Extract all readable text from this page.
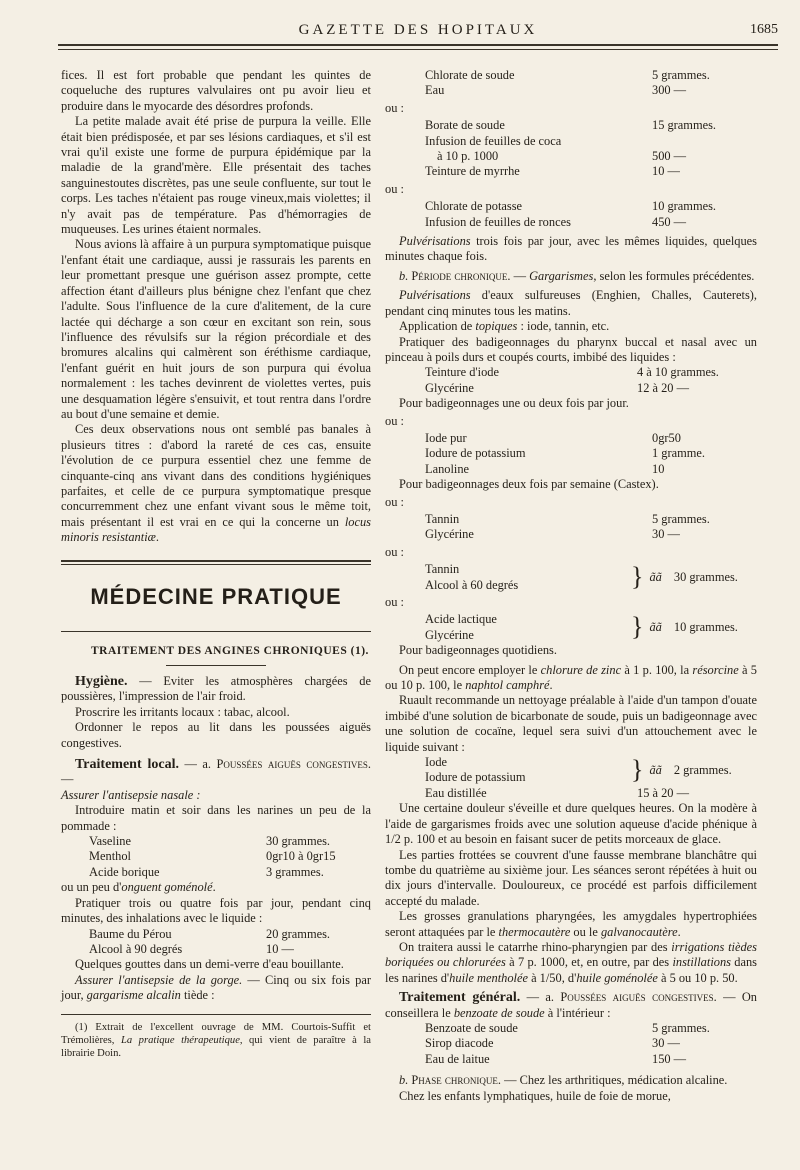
GAZETTE DES HOPITAUX	1685

fices. Il est fort probable que pendant les quintes de coqueluche des ruptures valvulaires ont pu avoir lieu et produire dans le myocarde des désordres profonds.

La petite malade avait été prise de purpura la veille. Elle était bien prédisposée, et par ses lésions cardiaques, et s'il est vrai qu'il existe une forme de purpura épidémique par la maladie de la grand'mère. Elle présentait des taches sanguinestoutes discrètes, pas une seule confluente, sur tout le corps. Les taches n'étaient pas rouge vineux,mais violettes; il n'y avait pas de température. Pas d'hémorragies de muqueuses. Les urines étaient normales.

Nous avions là affaire à un purpura symptomatique puisque l'enfant était une cardiaque, aussi je rassurais les parents en leur promettant presque une guérison assez prompte, cette affection étant d'ailleurs plus bénigne chez l'enfant que chez l'adulte. Sous l'influence de la cure d'alitement, de la cure lactée qui décharge a son cœur en excitant son rein, sous l'influence des révulsifs sur la région précordiale et des bromures alcalins qui calmèrent son éréthisme cardiaque, l'enfant guérit en huit jours de son purpura qui évolua normalement : les taches devinrent de violettes vertes, puis une desquamation légère s'ensuivit, et tout rentra dans l'ordre au bout d'une semaine et demie.

Ces deux observations nous ont semblé pas banales à plusieurs titres : d'abord la rareté de ces cas, ensuite l'évolution de ce purpura essentiel chez une femme de cinquante-cinq ans vivant dans des conditions hygiéniques parfaites, et celle de ce purpura symptomatique presque concurremment chez une enfant vivant sous le même toit, mais présentant il est vrai en ce qui la concerne un locus minoris resistantiæ.

MÉDECINE PRATIQUE
TRAITEMENT DES ANGINES CHRONIQUES (1).

Hygiène. — Eviter les atmosphères chargées de poussières, l'impression de l'air froid.

Proscrire les irritants locaux : tabac, alcool.

Ordonner le repos au lit dans les poussées aiguës congestives.

Traitement local. — a. Poussées aiguës congestives. —

Assurer l'antisepsie nasale :

Introduire matin et soir dans les narines un peu de la pommade :

Vaseline	30 grammes.
Menthol	0gr10 à 0gr15
Acide borique	3 grammes.

ou un peu d'onguent goménolé.

Pratiquer trois ou quatre fois par jour, pendant cinq minutes, des inhalations avec le liquide :

Baume du Pérou	20 grammes.
Alcool à 90 degrés	10 —

Quelques gouttes dans un demi-verre d'eau bouillante.

Assurer l'antisepsie de la gorge. — Cinq ou six fois par jour, gargarisme alcalin tiède :

(1) Extrait de l'excellent ouvrage de MM. Courtois-Suffit et Trémolières, La pratique thérapeutique, qui vient de paraître à la librairie Doin.

Chlorate de soude	5 grammes.
Eau	300 —
ou :
Borate de soude	15 grammes.
Infusion de feuilles de coca
à 10 p. 1000	500 —
Teinture de myrrhe	10 —
ou :
Chlorate de potasse	10 grammes.
Infusion de feuilles de ronces	450 —

Pulvérisations trois fois par jour, avec les mêmes liquides, quelques minutes chaque fois.

b. Période chronique. — Gargarismes, selon les formules précédentes.

Pulvérisations d'eaux sulfureuses (Enghien, Challes, Cauterets), pendant cinq minutes tous les matins.

Application de topiques : iode, tannin, etc.

Pratiquer des badigeonnages du pharynx buccal et nasal avec un pinceau à poils durs et coupés courts, imbibé des liquides :

Teinture d'iode	4 à 10 grammes.
Glycérine	12 à 20 —

Pour badigeonnages une ou deux fois par jour.

ou :
Iode pur	0gr50
Iodure de potassium	1 gramme.
Lanoline	10

Pour badigeonnages deux fois par semaine (Castex).

ou :
Tannin	5 grammes.
Glycérine	30 —
ou :
Tannin
Alcool à 60 degrés	} ãã 30 grammes.
ou :
Acide lactique
Glycérine	} ãã 10 grammes.

Pour badigeonnages quotidiens.

On peut encore employer le chlorure de zinc à 1 p. 100, la résorcine à 5 ou 10 p. 100, le naphtol camphré.

Ruault recommande un nettoyage préalable à l'aide d'un tampon d'ouate imbibé d'une solution de bicarbonate de soude, puis un badigeonnage avec une solution de cocaïne, lequel sera suivi d'un attouchement avec le liquide suivant :

Iode
Iodure de potassium	} ãã 2 grammes.
Eau distillée	15 à 20 —

Une certaine douleur s'éveille et dure quelques heures. On la modère à l'aide de gargarismes froids avec une solution aqueuse d'acide phénique à 1/2 p. 100 et au besoin en faisant sucer de petits morceaux de glace.

Les parties frottées se couvrent d'une fausse membrane blanchâtre qui tombe du quatrième au sixième jour. Les séances seront répétées à huit ou dix jours d'intervalle. Douloureux, ce procédé est parfois difficilement accepté du malade.

Les grosses granulations pharyngées, les amygdales hypertrophiées seront attaquées par le thermocautère ou le galvanocautère.

On traitera aussi le catarrhe rhino-pharyngien par des irrigations tièdes boriquées ou chlorurées à 7 p. 1000, et, en outre, par des instillations dans les narines d'huile mentholée à 1/50, d'huile goménolée à 5 ou 10 p. 50.

Traitement général. — a. Poussées aiguës congestives. — On conseillera le benzoate de soude à l'intérieur :

Benzoate de soude	5 grammes.
Sirop diacode	30 —
Eau de laitue	150 —

b. Phase chronique. — Chez les arthritiques, médication alcaline.

Chez les enfants lymphatiques, huile de foie de morue,
